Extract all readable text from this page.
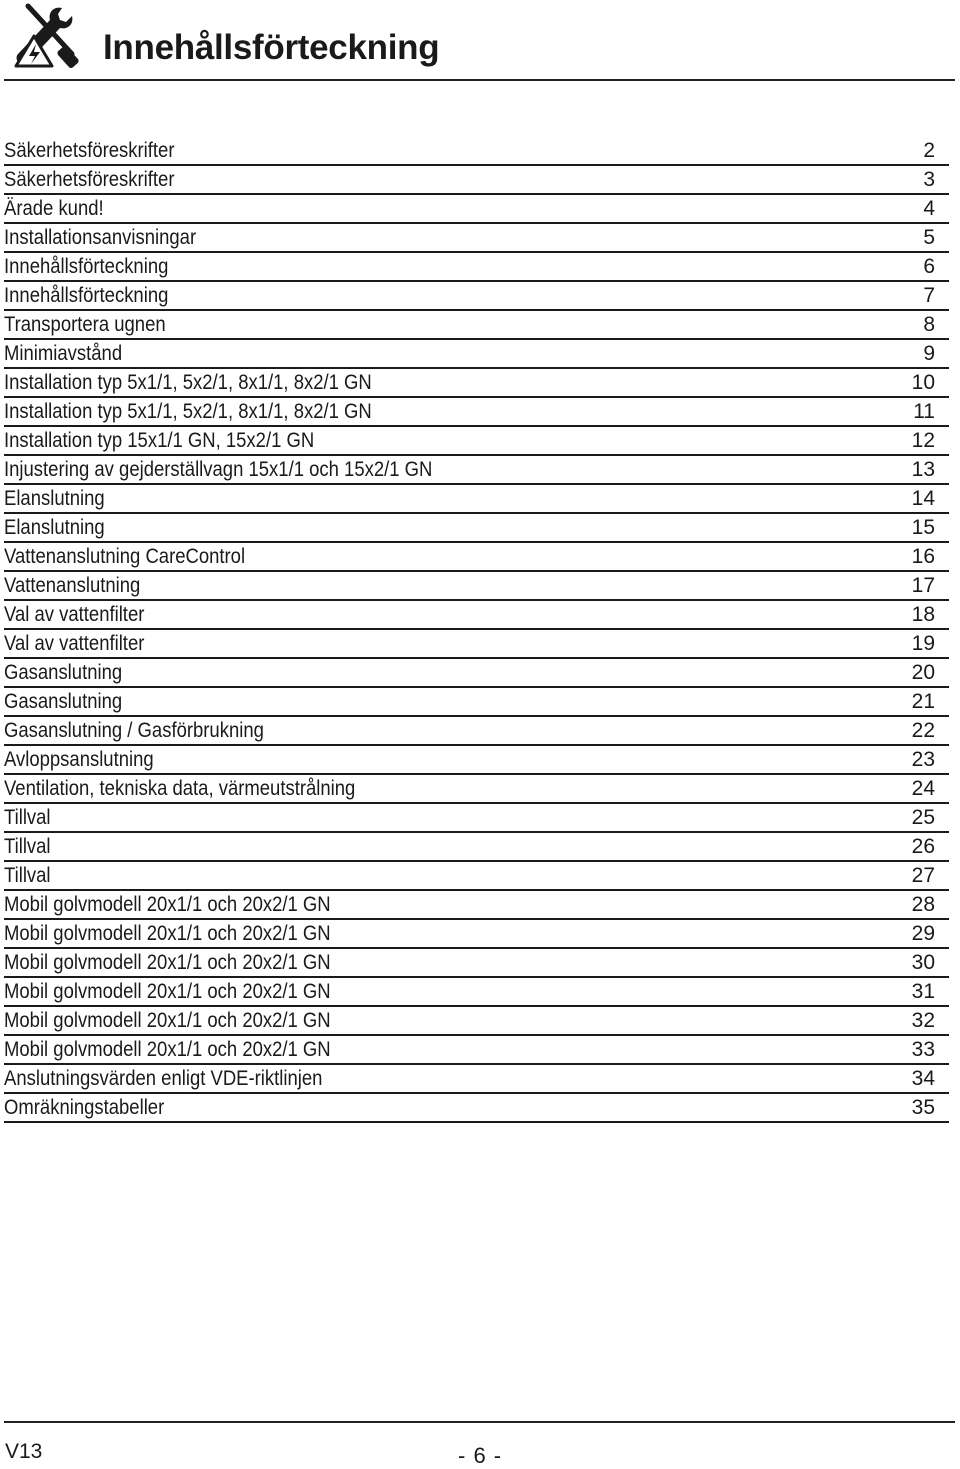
Innehållsförteckning
Säkerhetsföreskrifter	2
Säkerhetsföreskrifter	3
Ärade kund!	4
Installationsanvisningar	5
Innehållsförteckning	6
Innehållsförteckning	7
Transportera ugnen	8
Minimiavstånd	9
Installation typ 5x1/1, 5x2/1, 8x1/1, 8x2/1 GN	10
Installation typ 5x1/1, 5x2/1, 8x1/1, 8x2/1 GN	11
Installation typ 15x1/1 GN, 15x2/1 GN	12
Injustering av gejderställvagn 15x1/1 och 15x2/1 GN	13
Elanslutning	14
Elanslutning	15
Vattenanslutning CareControl	16
Vattenanslutning	17
Val av vattenfilter	18
Val av vattenfilter	19
Gasanslutning	20
Gasanslutning	21
Gasanslutning / Gasförbrukning	22
Avloppsanslutning	23
Ventilation, tekniska data, värmeutstrålning	24
Tillval	25
Tillval	26
Tillval	27
Mobil golvmodell 20x1/1 och 20x2/1 GN	28
Mobil golvmodell 20x1/1 och 20x2/1 GN	29
Mobil golvmodell 20x1/1 och 20x2/1 GN	30
Mobil golvmodell 20x1/1 och 20x2/1 GN	31
Mobil golvmodell 20x1/1 och 20x2/1 GN	32
Mobil golvmodell 20x1/1 och 20x2/1 GN	33
Anslutningsvärden enligt VDE-riktlinjen	34
Omräkningstabeller	35
V13	- 6 -
